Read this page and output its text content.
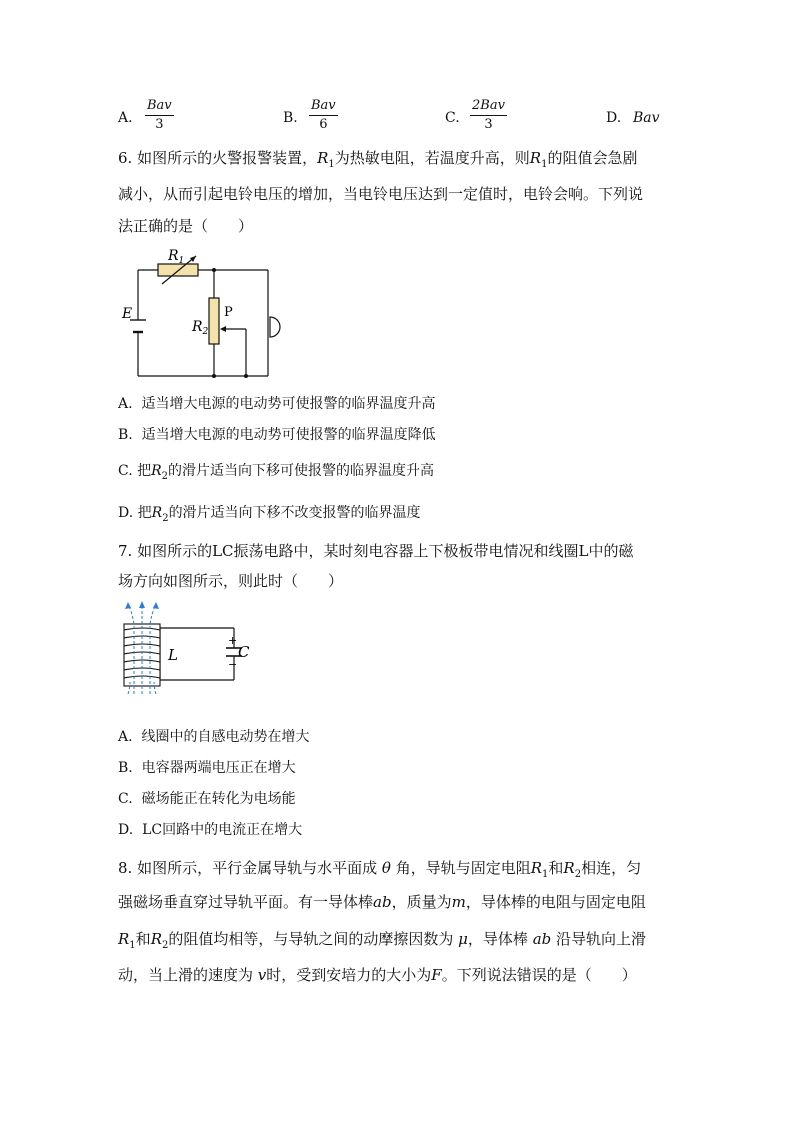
A.
Bav
3	B.
Bav
6	C.
2Bav
3	D. Bav
6. 如图所示的火警报警装置，$R_1$为热敏电阻，若温度升高，则$R_1$的阻值会急剧
减小，从而引起电铃电压的增加，当电铃电压达到一定值时，电铃会响。下列说
法正确的是（　　）
$R_1$
E
$R_2$
P
A. 适当增大电源的电动势可使报警的临界温度升高
B. 适当增大电源的电动势可使报警的临界温度降低
C. 把$R_2$的滑片适当向下移可使报警的临界温度升高
D. 把$R_2$的滑片适当向下移不改变报警的临界温度
7. 如图所示的LC振荡电路中，某时刻电容器上下极板带电情况和线圈L中的磁
场方向如图所示，则此时（　　）
L	C
+
−
A. 线圈中的自感电动势在增大
B. 电容器两端电压正在增大
C. 磁场能正在转化为电场能
D. LC回路中的电流正在增大
8. 如图所示，平行金属导轨与水平面成 θ 角，导轨与固定电阻$R_1$和$R_2$相连，匀
强磁场垂直穿过导轨平面。有一导体棒ab，质量为m，导体棒的电阻与固定电阻
$R_1$和$R_2$的阻值均相等，与导轨之间的动摩擦因数为 μ，导体棒 ab 沿导轨向上滑
动，当上滑的速度为 v时，受到安培力的大小为F。下列说法错误的是（　　）
